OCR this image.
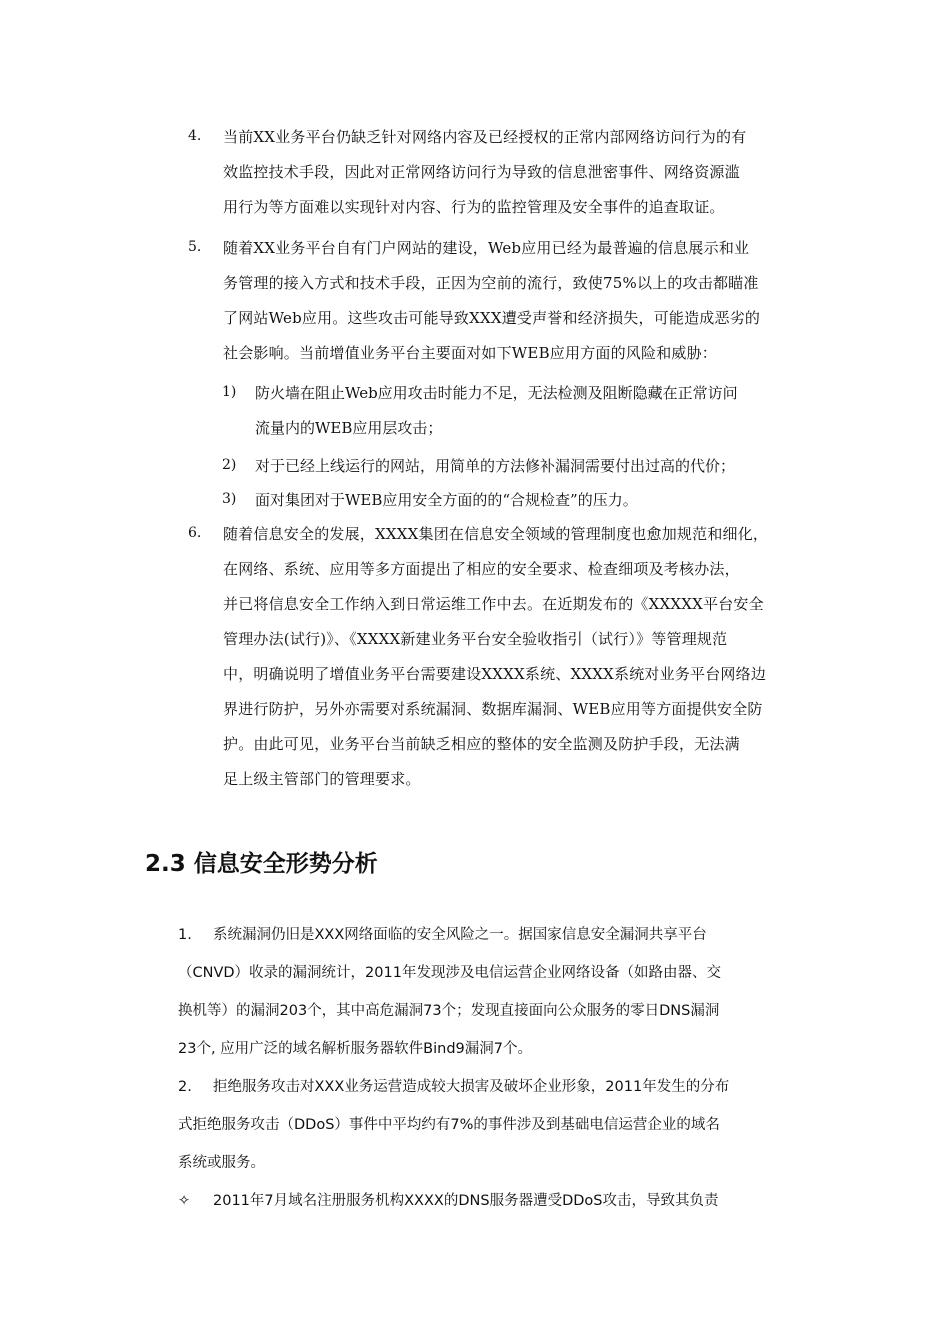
4. 当前XX业务平台仍缺乏针对网络内容及已经授权的正常内部网络访问行为的有

效监控技术手段，因此对正常网络访问行为导致的信息泄密事件、网络资源滥

用行为等方面难以实现针对内容、行为的监控管理及安全事件的追查取证。

5. 随着XX业务平台自有门户网站的建设，Web应用已经为最普遍的信息展示和业

务管理的接入方式和技术手段，正因为空前的流行，致使75%以上的攻击都瞄准

了网站Web应用。这些攻击可能导致XXX遭受声誉和经济损失，可能造成恶劣的

社会影响。当前增值业务平台主要面对如下WEB应用方面的风险和威胁：

1) 防火墙在阻止Web应用攻击时能力不足，无法检测及阻断隐藏在正常访问

流量内的WEB应用层攻击；

2) 对于已经上线运行的网站，用简单的方法修补漏洞需要付出过高的代价；

3) 面对集团对于WEB应用安全方面的的“合规检查”的压力。

6. 随着信息安全的发展，XXXX集团在信息安全领域的管理制度也愈加规范和细化，

在网络、系统、应用等多方面提出了相应的安全要求、检查细项及考核办法，

并已将信息安全工作纳入到日常运维工作中去。在近期发布的《XXXXX平台安全

管理办法(试行)》、《XXXX新建业务平台安全验收指引（试行）》等管理规范

中，明确说明了增值业务平台需要建设XXXX系统、XXXX系统对业务平台网络边

界进行防护，另外亦需要对系统漏洞、数据库漏洞、WEB应用等方面提供安全防

护。由此可见，业务平台当前缺乏相应的整体的安全监测及防护手段，无法满

足上级主管部门的管理要求。

2.3 信息安全形势分析

1. 系统漏洞仍旧是XXX网络面临的安全风险之一。据国家信息安全漏洞共享平台

（CNVD）收录的漏洞统计，2011年发现涉及电信运营企业网络设备（如路由器、交

换机等）的漏洞203个，其中高危漏洞73个；发现直接面向公众服务的零日DNS漏洞

23个, 应用广泛的域名解析服务器软件Bind9漏洞7个。

2. 拒绝服务攻击对XXX业务运营造成较大损害及破坏企业形象，2011年发生的分布

式拒绝服务攻击（DDoS）事件中平均约有7%的事件涉及到基础电信运营企业的域名

系统或服务。

✧ 2011年7月域名注册服务机构XXXX的DNS服务器遭受DDoS攻击，导致其负责
